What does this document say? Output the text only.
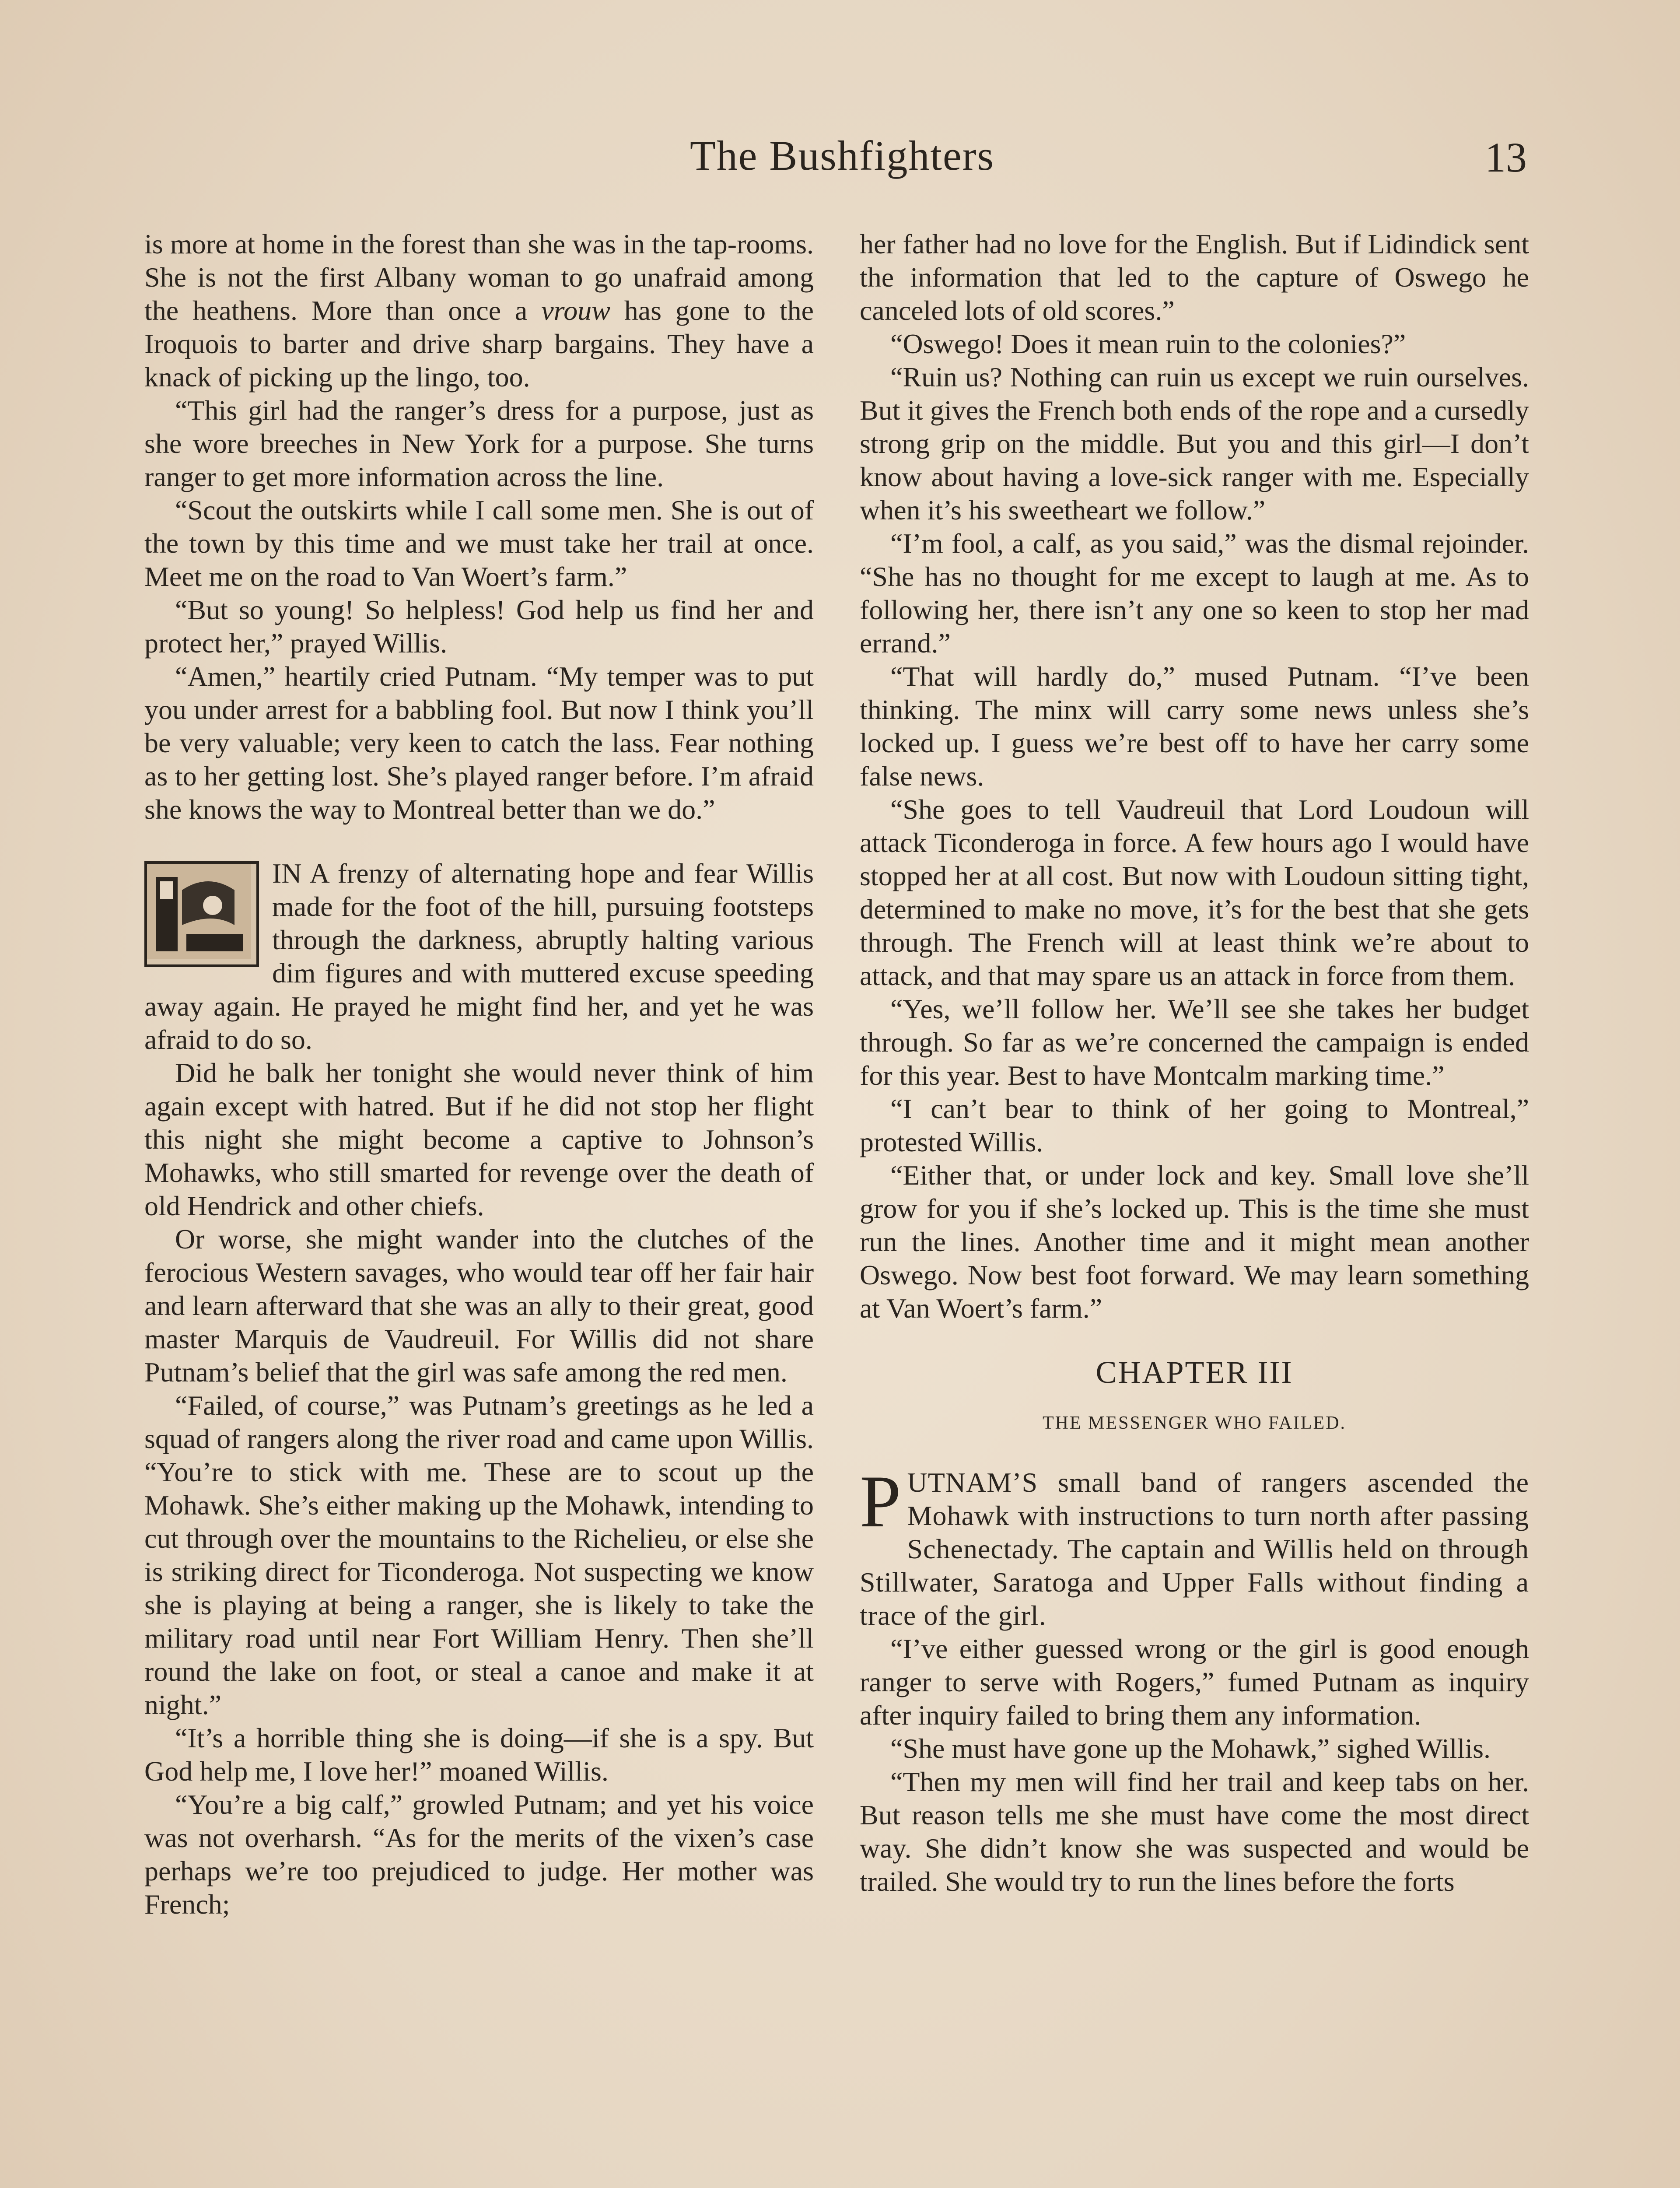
The Bushfighters	13

is more at home in the forest than she was in the tap-rooms. She is not the first Albany woman to go unafraid among the heathens. More than once a vrouw has gone to the Iroquois to barter and drive sharp bargains. They have a knack of picking up the lingo, too.

“This girl had the ranger’s dress for a purpose, just as she wore breeches in New York for a purpose. She turns ranger to get more information across the line.

“Scout the outskirts while I call some men. She is out of the town by this time and we must take her trail at once. Meet me on the road to Van Woert’s farm.”

“But so young! So helpless! God help us find her and protect her,” prayed Willis.

“Amen,” heartily cried Putnam. “My temper was to put you under arrest for a babbling fool. But now I think you’ll be very valuable; very keen to catch the lass. Fear nothing as to her getting lost. She’s played ranger before. I’m afraid she knows the way to Montreal better than we do.”

IN A frenzy of alternating hope and fear Willis made for the foot of the hill, pursuing footsteps through the darkness, abruptly halting various dim figures and with muttered excuse speeding away again. He prayed he might find her, and yet he was afraid to do so.

Did he balk her tonight she would never think of him again except with hatred. But if he did not stop her flight this night she might become a captive to Johnson’s Mohawks, who still smarted for revenge over the death of old Hendrick and other chiefs.

Or worse, she might wander into the clutches of the ferocious Western savages, who would tear off her fair hair and learn afterward that she was an ally to their great, good master Marquis de Vaudreuil. For Willis did not share Putnam’s belief that the girl was safe among the red men.

“Failed, of course,” was Putnam’s greetings as he led a squad of rangers along the river road and came upon Willis. “You’re to stick with me. These are to scout up the Mohawk. She’s either making up the Mohawk, intending to cut through over the mountains to the Richelieu, or else she is striking direct for Ticonderoga. Not suspecting we know she is playing at being a ranger, she is likely to take the military road until near Fort William Henry. Then she’ll round the lake on foot, or steal a canoe and make it at night.”

“It’s a horrible thing she is doing—if she is a spy. But God help me, I love her!” moaned Willis.

“You’re a big calf,” growled Putnam; and yet his voice was not overharsh. “As for the merits of the vixen’s case perhaps we’re too prejudiced to judge. Her mother was French;

her father had no love for the English. But if Lidindick sent the information that led to the capture of Oswego he canceled lots of old scores.”

“Oswego! Does it mean ruin to the colonies?”

“Ruin us? Nothing can ruin us except we ruin ourselves. But it gives the French both ends of the rope and a cursedly strong grip on the middle. But you and this girl—I don’t know about having a love-sick ranger with me. Especially when it’s his sweetheart we follow.”

“I’m fool, a calf, as you said,” was the dismal rejoinder. “She has no thought for me except to laugh at me. As to following her, there isn’t any one so keen to stop her mad errand.”

“That will hardly do,” mused Putnam. “I’ve been thinking. The minx will carry some news unless she’s locked up. I guess we’re best off to have her carry some false news.

“She goes to tell Vaudreuil that Lord Loudoun will attack Ticonderoga in force. A few hours ago I would have stopped her at all cost. But now with Loudoun sitting tight, determined to make no move, it’s for the best that she gets through. The French will at least think we’re about to attack, and that may spare us an attack in force from them.

“Yes, we’ll follow her. We’ll see she takes her budget through. So far as we’re concerned the campaign is ended for this year. Best to have Montcalm marking time.”

“I can’t bear to think of her going to Montreal,” protested Willis.

“Either that, or under lock and key. Small love she’ll grow for you if she’s locked up. This is the time she must run the lines. Another time and it might mean another Oswego. Now best foot forward. We may learn something at Van Woert’s farm.”

CHAPTER III
THE MESSENGER WHO FAILED.

PUTNAM’S small band of rangers ascended the Mohawk with instructions to turn north after passing Schenectady. The captain and Willis held on through Stillwater, Saratoga and Upper Falls without finding a trace of the girl.

“I’ve either guessed wrong or the girl is good enough ranger to serve with Rogers,” fumed Putnam as inquiry after inquiry failed to bring them any information.

“She must have gone up the Mohawk,” sighed Willis.

“Then my men will find her trail and keep tabs on her. But reason tells me she must have come the most direct way. She didn’t know she was suspected and would be trailed. She would try to run the lines before the forts
